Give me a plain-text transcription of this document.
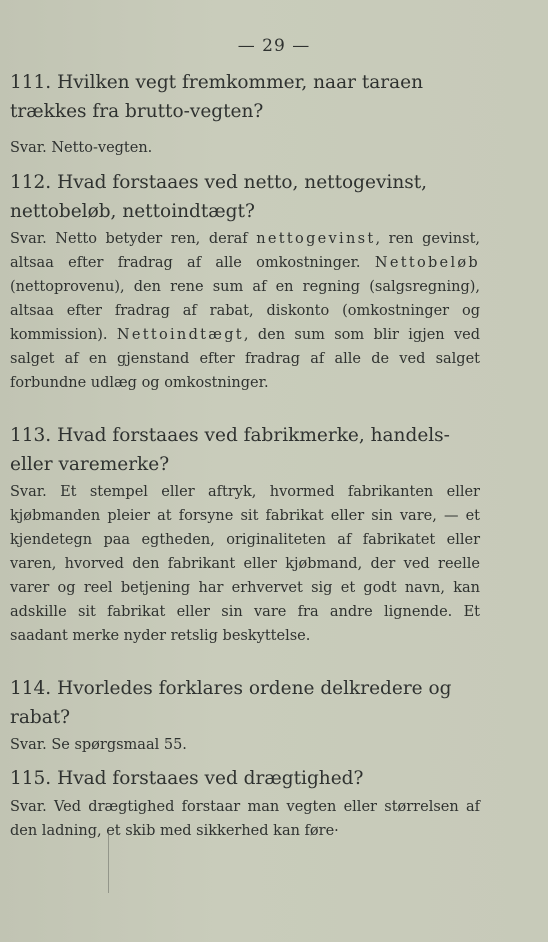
— 29 —

111. Hvilken vegt fremkommer, naar taraen trækkes fra brutto-vegten?

Svar. Netto-vegten.

112. Hvad forstaaes ved netto, nettogevinst, nettobeløb, nettoindtægt?

Svar. Netto betyder ren, deraf nettogevinst, ren gevinst, altsaa efter fradrag af alle omkostninger. Nettobeløb (nettoprovenu), den rene sum af en regning (salgsregning), altsaa efter fradrag af rabat, diskonto (omkostninger og kommission). Nettoindtægt, den sum som blir igjen ved salget af en gjenstand efter fradrag af alle de ved salget forbundne udlæg og omkostninger.

113. Hvad forstaaes ved fabrikmerke, handels- eller varemerke?

Svar. Et stempel eller aftryk, hvormed fabrikanten eller kjøbmanden pleier at forsyne sit fabrikat eller sin vare, — et kjendetegn paa egtheden, originaliteten af fabrikatet eller varen, hvorved den fabrikant eller kjøbmand, der ved reelle varer og reel betjening har erhvervet sig et godt navn, kan adskille sit fabrikat eller sin vare fra andre lignende. Et saadant merke nyder retslig beskyttelse.

114. Hvorledes forklares ordene delkredere og rabat?

Svar. Se spørgsmaal 55.

115. Hvad forstaaes ved drægtighed?

Svar. Ved drægtighed forstaar man vegten eller størrelsen af den ladning, et skib med sikkerhed kan føre·
